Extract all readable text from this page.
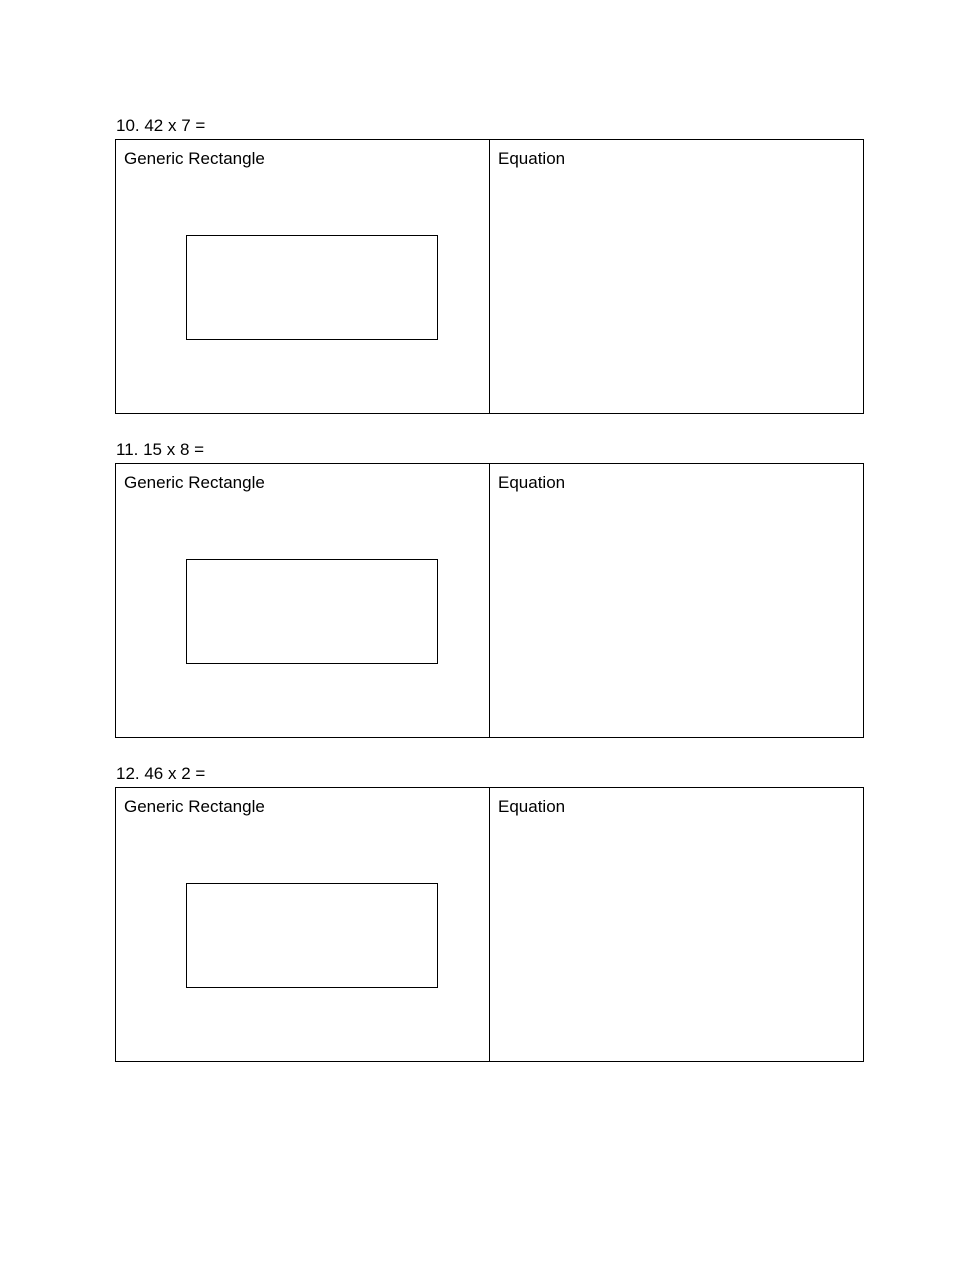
10. 42 x 7 =
Generic Rectangle	Equation
11. 15 x 8 =
Generic Rectangle	Equation
12. 46 x 2 =
Generic Rectangle	Equation
